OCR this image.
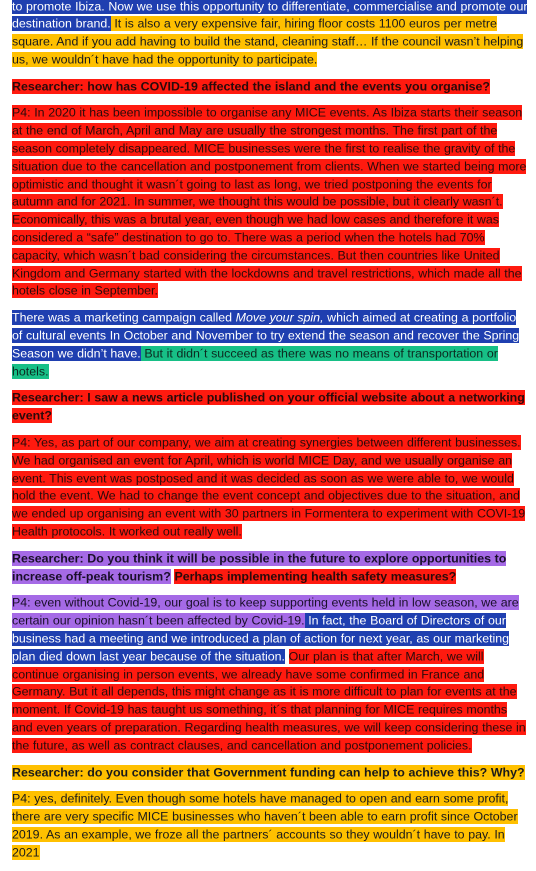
to promote Ibiza. Now we use this opportunity to differentiate, commercialise and promote our destination brand. It is also a very expensive fair, hiring floor costs 1100 euros per metre square. And if you add having to build the stand, cleaning staff… If the council wasn’t helping us, we wouldn´t have had the opportunity to participate.

Researcher: how has COVID-19 affected the island and the events you organise?

P4: In 2020 it has been impossible to organise any MICE events. As Ibiza starts their season at the end of March, April and May are usually the strongest months. The first part of the season completely disappeared. MICE businesses were the first to realise the gravity of the situation due to the cancellation and postponement from clients. When we started being more optimistic and thought it wasn´t going to last as long, we tried postponing the events for autumn and for 2021. In summer, we thought this would be possible, but it clearly wasn´t. Economically, this was a brutal year, even though we had low cases and therefore it was considered a “safe” destination to go to. There was a period when the hotels had 70% capacity, which wasn´t bad considering the circumstances. But then countries like United Kingdom and Germany started with the lockdowns and travel restrictions, which made all the hotels close in September.

There was a marketing campaign called Move your spin, which aimed at creating a portfolio of cultural events In October and November to try extend the season and recover the Spring Season we didn’t have. But it didn´t succeed as there was no means of transportation or hotels.

Researcher: I saw a news article published on your official website about a networking event?

P4: Yes, as part of our company, we aim at creating synergies between different businesses. We had organised an event for April, which is world MICE Day, and we usually organise an event. This event was postposed and it was decided as soon as we were able to, we would hold the event. We had to change the event concept and objectives due to the situation, and we ended up organising an event with 30 partners in Formentera to experiment with COVI-19 Health protocols. It worked out really well.

Researcher: Do you think it will be possible in the future to explore opportunities to increase off-peak tourism? Perhaps implementing health safety measures?

P4: even without Covid-19, our goal is to keep supporting events held in low season, we are certain our opinion hasn´t been affected by Covid-19. In fact, the Board of Directors of our business had a meeting and we introduced a plan of action for next year, as our marketing plan died down last year because of the situation. Our plan is that after March, we will continue organising in person events, we already have some confirmed in France and Germany. But it all depends, this might change as it is more difficult to plan for events at the moment. If Covid-19 has taught us something, it´s that planning for MICE requires months and even years of preparation. Regarding health measures, we will keep considering these in the future, as well as contract clauses, and cancellation and postponement policies.

Researcher: do you consider that Government funding can help to achieve this? Why?

P4: yes, definitely. Even though some hotels have managed to open and earn some profit, there are very specific MICE businesses who haven´t been able to earn profit since October 2019. As an example, we froze all the partners´ accounts so they wouldn´t have to pay. In 2021
